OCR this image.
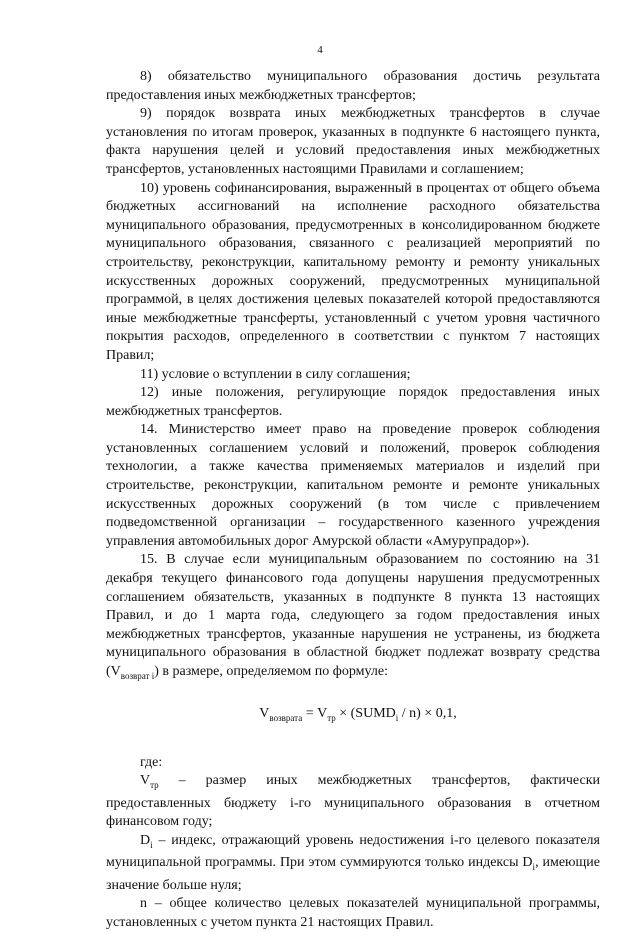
4

8) обязательство муниципального образования достичь результата предоставления иных межбюджетных трансфертов;

9) порядок возврата иных межбюджетных трансфертов в случае установления по итогам проверок, указанных в подпункте 6 настоящего пункта, факта нарушения целей и условий предоставления иных межбюджетных трансфертов, установленных настоящими Правилами и соглашением;

10) уровень софинансирования, выраженный в процентах от общего объема бюджетных ассигнований на исполнение расходного обязательства муниципального образования, предусмотренных в консолидированном бюджете муниципального образования, связанного с реализацией мероприятий по строительству, реконструкции, капитальному ремонту и ремонту уникальных искусственных дорожных сооружений, предусмотренных муниципальной программой, в целях достижения целевых показателей которой предоставляются иные межбюджетные трансферты, установленный с учетом уровня частичного покрытия расходов, определенного в соответствии с пунктом 7 настоящих Правил;

11) условие о вступлении в силу соглашения;

12) иные положения, регулирующие порядок предоставления иных межбюджетных трансфертов.

14. Министерство имеет право на проведение проверок соблюдения установленных соглашением условий и положений, проверок соблюдения технологии, а также качества применяемых материалов и изделий при строительстве, реконструкции, капитальном ремонте и ремонте уникальных искусственных дорожных сооружений (в том числе с привлечением подведомственной организации – государственного казенного учреждения управления автомобильных дорог Амурской области «Амурупрадор»).

15. В случае если муниципальным образованием по состоянию на 31 декабря текущего финансового года допущены нарушения предусмотренных соглашением обязательств, указанных в подпункте 8 пункта 13 настоящих Правил, и до 1 марта года, следующего за годом предоставления иных межбюджетных трансфертов, указанные нарушения не устранены, из бюджета муниципального образования в областной бюджет подлежат возврату средства $(V_{возврат i})$ в размере, определяемом по формуле:

$V_{возврата} = V_{тр}$ × $(SUMD_i / n) \times 0,1$,

где:

$V_{тр}$ – размер иных межбюджетных трансфертов, фактически предоставленных бюджету i-го муниципального образования в отчетном финансовом году;

$D_i$ – индекс, отражающий уровень недостижения i-го целевого показателя муниципальной программы. При этом суммируются только индексы $D_i$, имеющие значение больше нуля;

n – общее количество целевых показателей муниципальной программы, установленных с учетом пункта 21 настоящих Правил.
